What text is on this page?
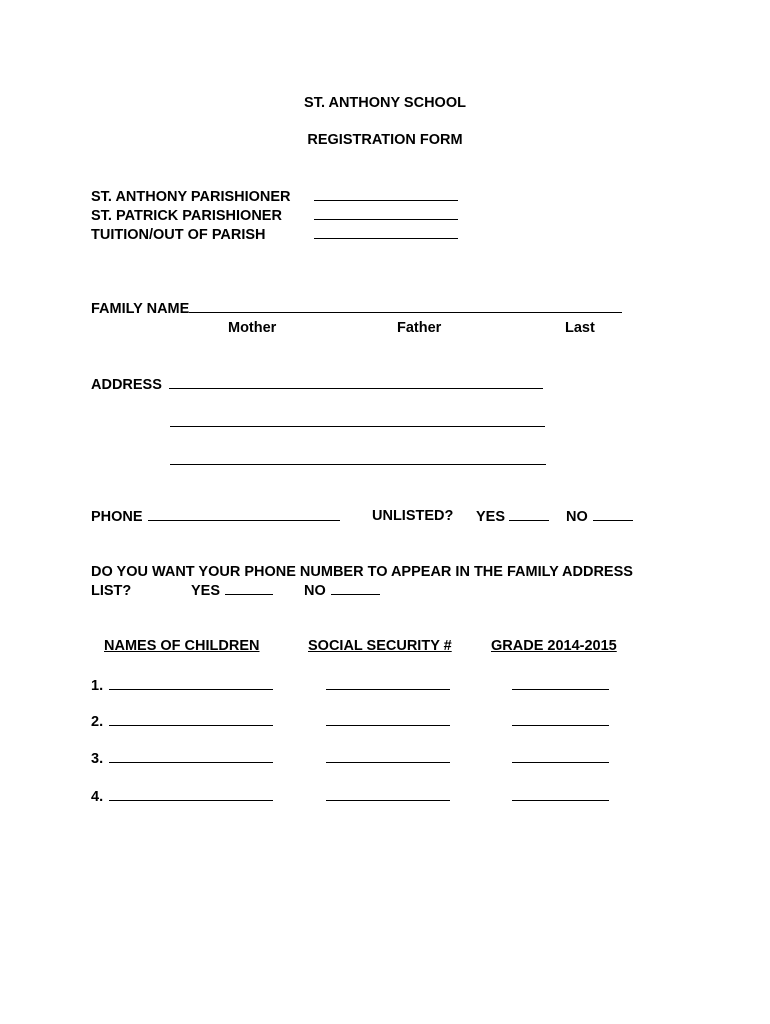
ST. ANTHONY SCHOOL
REGISTRATION FORM
ST. ANTHONY PARISHIONER
ST. PATRICK PARISHIONER
TUITION/OUT OF PARISH
FAMILY NAME
Mother	Father	Last
ADDRESS
PHONE	UNLISTED? YES	NO
DO YOU WANT YOUR PHONE NUMBER TO APPEAR IN THE FAMILY ADDRESS
LIST?	YES	NO
NAMES OF CHILDREN	SOCIAL SECURITY #	GRADE 2014-2015
1.
2.
3.
4.
